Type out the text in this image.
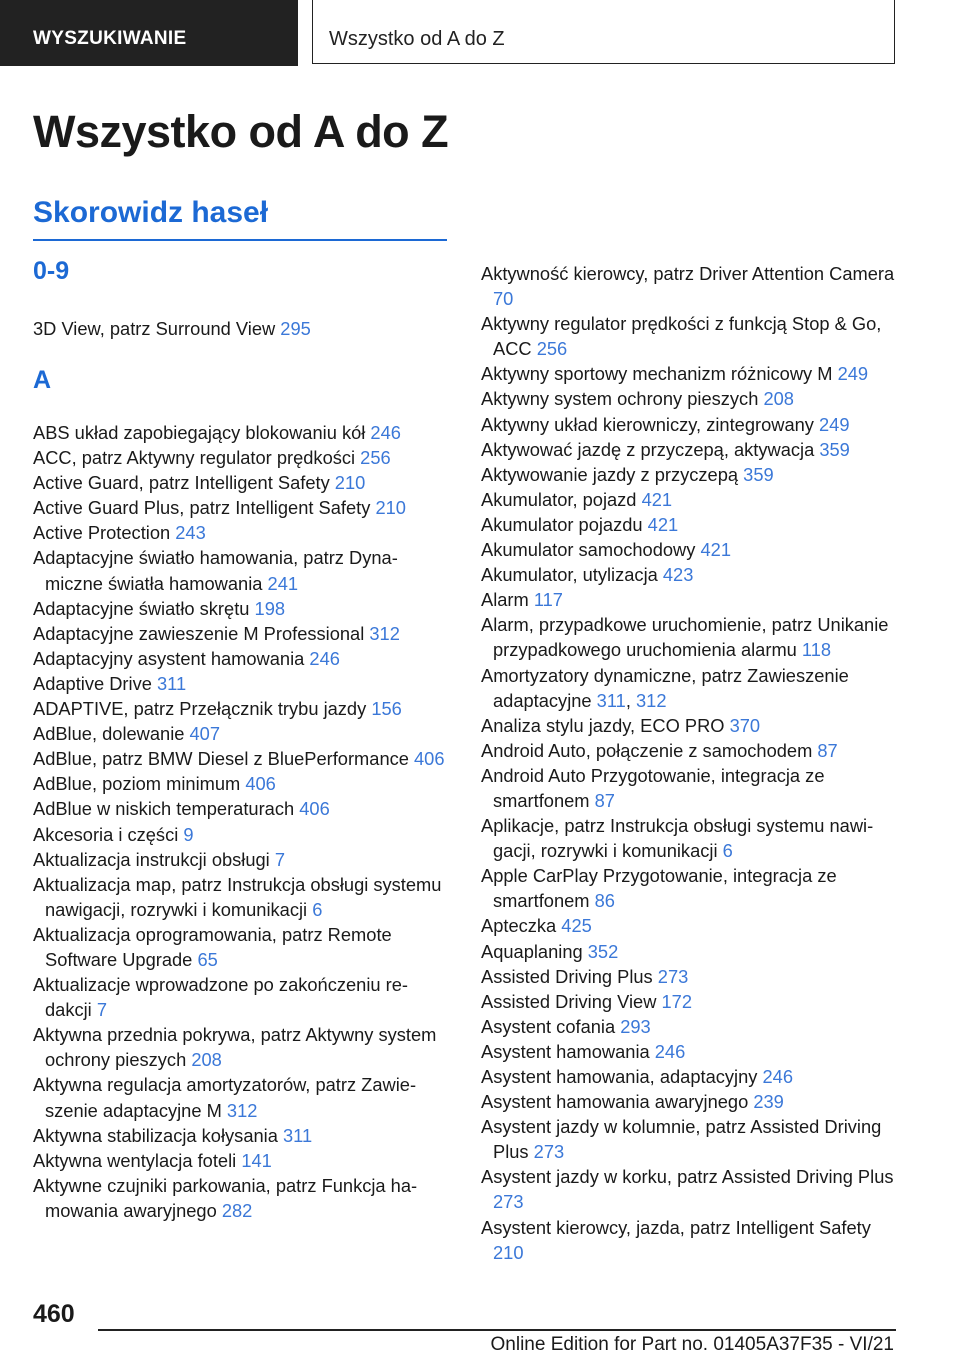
WYSZUKIWANIE	Wszystko od A do Z
Wszystko od A do Z
Skorowidz haseł
0-9
3D View, patrz Surround View 295
A
ABS układ zapobiegający blokowaniu kół 246
ACC, patrz Aktywny regulator prędkości 256
Active Guard, patrz Intelligent Safety 210
Active Guard Plus, patrz Intelligent Safety 210
Active Protection 243
Adaptacyjne światło hamowania, patrz Dynamiczne światła hamowania 241
Adaptacyjne światło skrętu 198
Adaptacyjne zawieszenie M Professional 312
Adaptacyjny asystent hamowania 246
Adaptive Drive 311
ADAPTIVE, patrz Przełącznik trybu jazdy 156
AdBlue, dolewanie 407
AdBlue, patrz BMW Diesel z BluePerformance 406
AdBlue, poziom minimum 406
AdBlue w niskich temperaturach 406
Akcesoria i części 9
Aktualizacja instrukcji obsługi 7
Aktualizacja map, patrz Instrukcja obsługi systemu nawigacji, rozrywki i komunikacji 6
Aktualizacja oprogramowania, patrz Remote Software Upgrade 65
Aktualizacje wprowadzone po zakończeniu redakcji 7
Aktywna przednia pokrywa, patrz Aktywny system ochrony pieszych 208
Aktywna regulacja amortyzatorów, patrz Zawieszenie adaptacyjne M 312
Aktywna stabilizacja kołysania 311
Aktywna wentylacja foteli 141
Aktywne czujniki parkowania, patrz Funkcja hamowania awaryjnego 282
Aktywność kierowcy, patrz Driver Attention Camera 70
Aktywny regulator prędkości z funkcją Stop & Go, ACC 256
Aktywny sportowy mechanizm różnicowy M 249
Aktywny system ochrony pieszych 208
Aktywny układ kierowniczy, zintegrowany 249
Aktywować jazdę z przyczepą, aktywacja 359
Aktywowanie jazdy z przyczepą 359
Akumulator, pojazd 421
Akumulator pojazdu 421
Akumulator samochodowy 421
Akumulator, utylizacja 423
Alarm 117
Alarm, przypadkowe uruchomienie, patrz Unikanie przypadkowego uruchomienia alarmu 118
Amortyzatory dynamiczne, patrz Zawieszenie adaptacyjne 311, 312
Analiza stylu jazdy, ECO PRO 370
Android Auto, połączenie z samochodem 87
Android Auto Przygotowanie, integracja ze smartfonem 87
Aplikacje, patrz Instrukcja obsługi systemu nawigacji, rozrywki i komunikacji 6
Apple CarPlay Przygotowanie, integracja ze smartfonem 86
Apteczka 425
Aquaplaning 352
Assisted Driving Plus 273
Assisted Driving View 172
Asystent cofania 293
Asystent hamowania 246
Asystent hamowania, adaptacyjny 246
Asystent hamowania awaryjnego 239
Asystent jazdy w kolumnie, patrz Assisted Driving Plus 273
Asystent jazdy w korku, patrz Assisted Driving Plus 273
Asystent kierowcy, jazda, patrz Intelligent Safety 210
460
Online Edition for Part no. 01405A37F35 - VI/21
